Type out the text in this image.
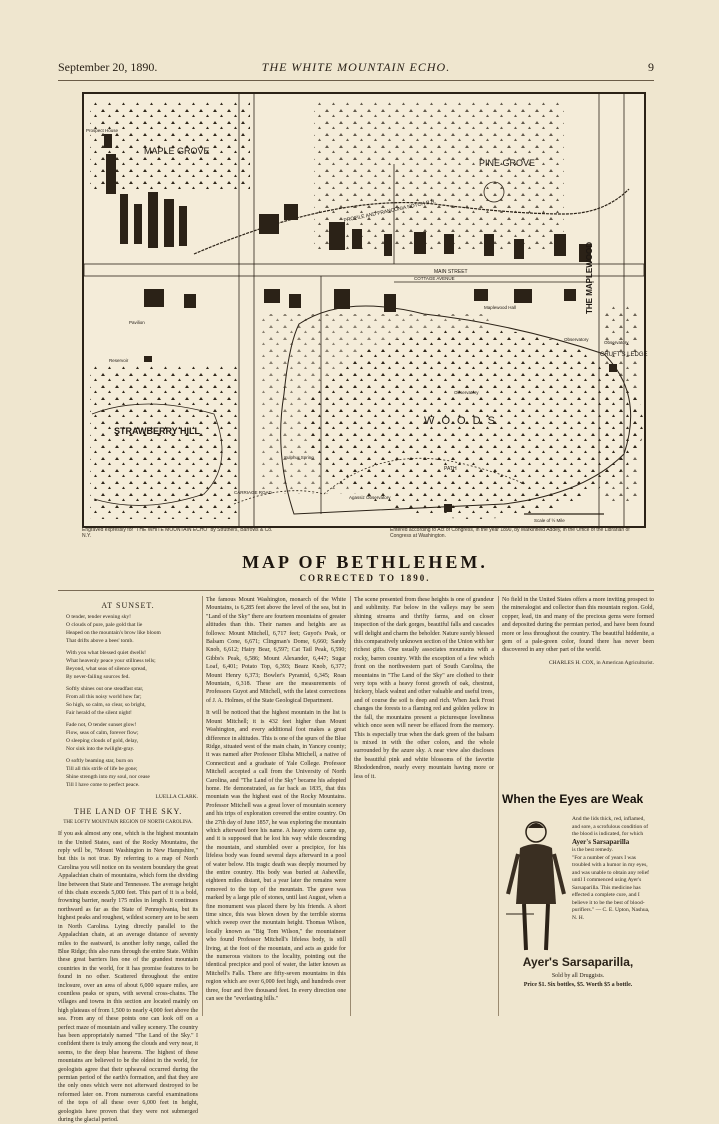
September 20, 1890.	THE WHITE MOUNTAIN ECHO.	9
MAPLE GROVE
PINE GROVE
STRAWBERRY HILL
W O O D S
THE MAPLEWOOD
CRUFT'S LEDGE
PROFILE AND FRANCONIA NOTCH R.R.
MAIN STREET
PATH
Prospect House
Observatory
Observatory
Observatory
Agassiz Observatory
Sulphur Spring
CARRIAGE ROAD
Maplewood Hall
COTTAGE AVENUE
Pavilion
Reservoir
Scale of ½ Mile
Engraved expressly for "THE WHITE MOUNTAIN ECHO" by Struthers, Barrows & Co. N.Y.
Entered according to Act of Congress, in the year 1890, by Markinfield Addey, in the Office of the Librarian of Congress at Washington.
MAP OF BETHLEHEM.
CORRECTED TO 1890.
AT SUNSET.
O tender, tender evening sky!
O clouds of pure, pale gold that lie
Heaped on the mountain's brow like bloom
That drifts above a bees' tomb.
With you what blessed quiet dwells!
What heavenly peace your stillness tells;
Beyond, what seas of silence spread,
By never-failing sources fed.
Softly shines out one steadfast star,
From all this noisy world how far;
So high, so calm, so clear, so bright,
Fair herald of the silent night!
Fade not, O tender sunset glow!
Flow, seas of calm, forever flow;
O sleeping clouds of gold, delay,
Nor sink into the twilight-gray.
O softly beaming star, burn on
Till all this strife of life be gone;
Shine strength into my soul, nor cease
Till I have come to perfect peace.
LUELLA CLARK.
THE LAND OF THE SKY.
THE LOFTY MOUNTAIN REGION OF NORTH CAROLINA.

If you ask almost any one, which is the highest mountain in the United States, east of the Rocky Mountains, the reply will be, "Mount Washington in New Hampshire," but this is not true. By referring to a map of North Carolina you will notice on its western boundary the great Appalachian chain of mountains, which form the dividing line between that State and Tennessee. The average height of this chain exceeds 5,000 feet. This part of it is a bold, frowning barrier, nearly 175 miles in length. It continues northward as far as the State of Pennsylvania, but its highest peaks and roughest, wildest scenery are to be seen in North Carolina. Lying directly parallel to the Appalachian chain, at an average distance of seventy miles to the eastward, is another lofty range, called the Blue Ridge; this also runs through the entire State. Within these great barriers lies one of the grandest mountain countries in the world, for it has promise features to be found in no other. Scattered throughout the entire inclosure, over an area of about 6,000 square miles, are countless peaks or spurs, with several cross-chains. The villages and towns in this section are located mainly on high plateaus of from 1,500 to nearly 4,000 feet above the sea. From any of these points one can look off on a perfect maze of mountain and valley scenery. The country has been appropriately named "The Land of the Sky." I confident there is truly among the clouds and very near, it seems, to the deep blue heavens. The highest of these mountains are believed to be the oldest in the world, for geologists agree that their upheaval occurred during the permian period of the earth's formation, and that they are the only ones which were not afterward destroyed to be reformed later on. From numerous careful examinations of the tops of all these over 6,000 feet in height, geologists have proven that they were not submerged during the glacial period.

The famous Mount Washington, monarch of the White Mountains, is 6,285 feet above the level of the sea, but in "Land of the Sky" there are fourteen mountains of greater altitudes than this. Their names and heights are as follows: Mount Mitchell, 6,717 feet; Guyot's Peak, or Balsam Cone, 6,671; Clingman's Dome, 6,660; Sandy Knob, 6,612; Hairy Bear, 6,597; Cat Tail Peak, 6,590; Gibbs's Peak, 6,586; Mount Alexander, 6,447; Sugar Loaf, 6,401; Potato Top, 6,393; Bearz Knob, 6,377; Mount Henry 6,373; Bowler's Pyramid, 6,345; Roan Mountain, 6,318. These are the measurements of Professors Guyot and Mitchell, with the latest corrections of J. A. Holmes, of the State Geological Department.

It will be noticed that the highest mountain in the list is Mount Mitchell; it is 432 feet higher than Mount Washington, and every additional foot makes a great difference in altitudes. This is one of the spurs of the Blue Ridge, situated west of the main chain, in Yancey county; it was named after Professor Elisha Mitchell, a native of Connecticut and a graduate of Yale College. Professor Mitchell accepted a call from the University of North Carolina, and "The Land of the Sky" became his adopted home. He demonstrated, as far back as 1835, that this mountain was the highest east of the Rocky Mountains. Professor Mitchell was a great lover of mountain scenery and his trips of exploration covered the entire country. On the 27th day of June 1857, he was exploring the mountain which afterward bore his name. A heavy storm came up, and it is supposed that he lost his way while descending the mountain, and stumbled over a precipice, for his lifeless body was found several days afterward in a pool of water below. His tragic death was deeply mourned by the entire country. His body was buried at Asheville, eighteen miles distant, but a year later the remains were removed to the top of the mountain. The grave was marked by a large pile of stones, until last August, when a fine monument was placed there by his friends. A short time since, this was blown down by the terrible storms which sweep over the mountain height. Thomas Wilson, locally known as "Big Tom Wilson," the mountaineer who found Professor Mitchell's lifeless body, is still living, at the foot of the mountain, and acts as guide for the numerous visitors to the locality, pointing out the identical precipice and pool of water, the latter known as Mitchell's Falls. There are fifty-seven mountains in this region which are over 6,000 feet high, and hundreds over three, four and five thousand feet. In every direction one can see the "everlasting hills."

The scene presented from these heights is one of grandeur and sublimity. Far below in the valleys may be seen shining streams and thrifty farms, and on closer inspection of the dark gorges, beautiful falls and cascades will delight and charm the beholder. Nature surely blessed this comparatively unknown section of the Union with her richest gifts. One usually associates mountains with a rocky, barren country. With the exception of a few which front on the northwestern part of South Carolina, the mountains in "The Land of the Sky" are clothed to their very tops with a heavy forest growth of oak, chestnut, hickory, black walnut and other valuable and useful trees, and of course the soil is deep and rich. When Jack Frost changes the forests to a flaming red and golden yellow in the fall, the mountains present a picturesque loveliness which once seen will never be effaced from the memory. This is especially true when the dark green of the balsam is mixed in with the other colors, and the whole surrounded by the azure sky. A near view also discloses the beautiful pink and white blossoms of the favorite Rhododendron, nearly every mountain having more or less of it.

No field in the United States offers a more inviting prospect to the mineralogist and collector than this mountain region. Gold, copper, lead, tin and many of the precious gems were formed and deposited during the permian period, and have been found more or less throughout the country. The beautiful hiddenite, a gem of a pale-green color, found there has never been discovered in any other part of the world.

CHARLES H. COX, in American Agriculturist.
When the Eyes are Weak
And the lids thick, red, inflamed, and sore, a scrofulous condition of the blood is indicated, for which
Ayer's Sarsaparilla
is the best remedy.
"For a number of years I was troubled with a humor in my eyes, and was unable to obtain any relief until I commenced using Ayer's Sarsaparilla. This medicine has effected a complete cure, and I believe it to be the best of blood-purifiers." — C. E. Upton, Nashua, N. H.
Ayer's Sarsaparilla,
Sold by all Druggists.
Price $1. Six bottles, $5. Worth $5 a bottle.
